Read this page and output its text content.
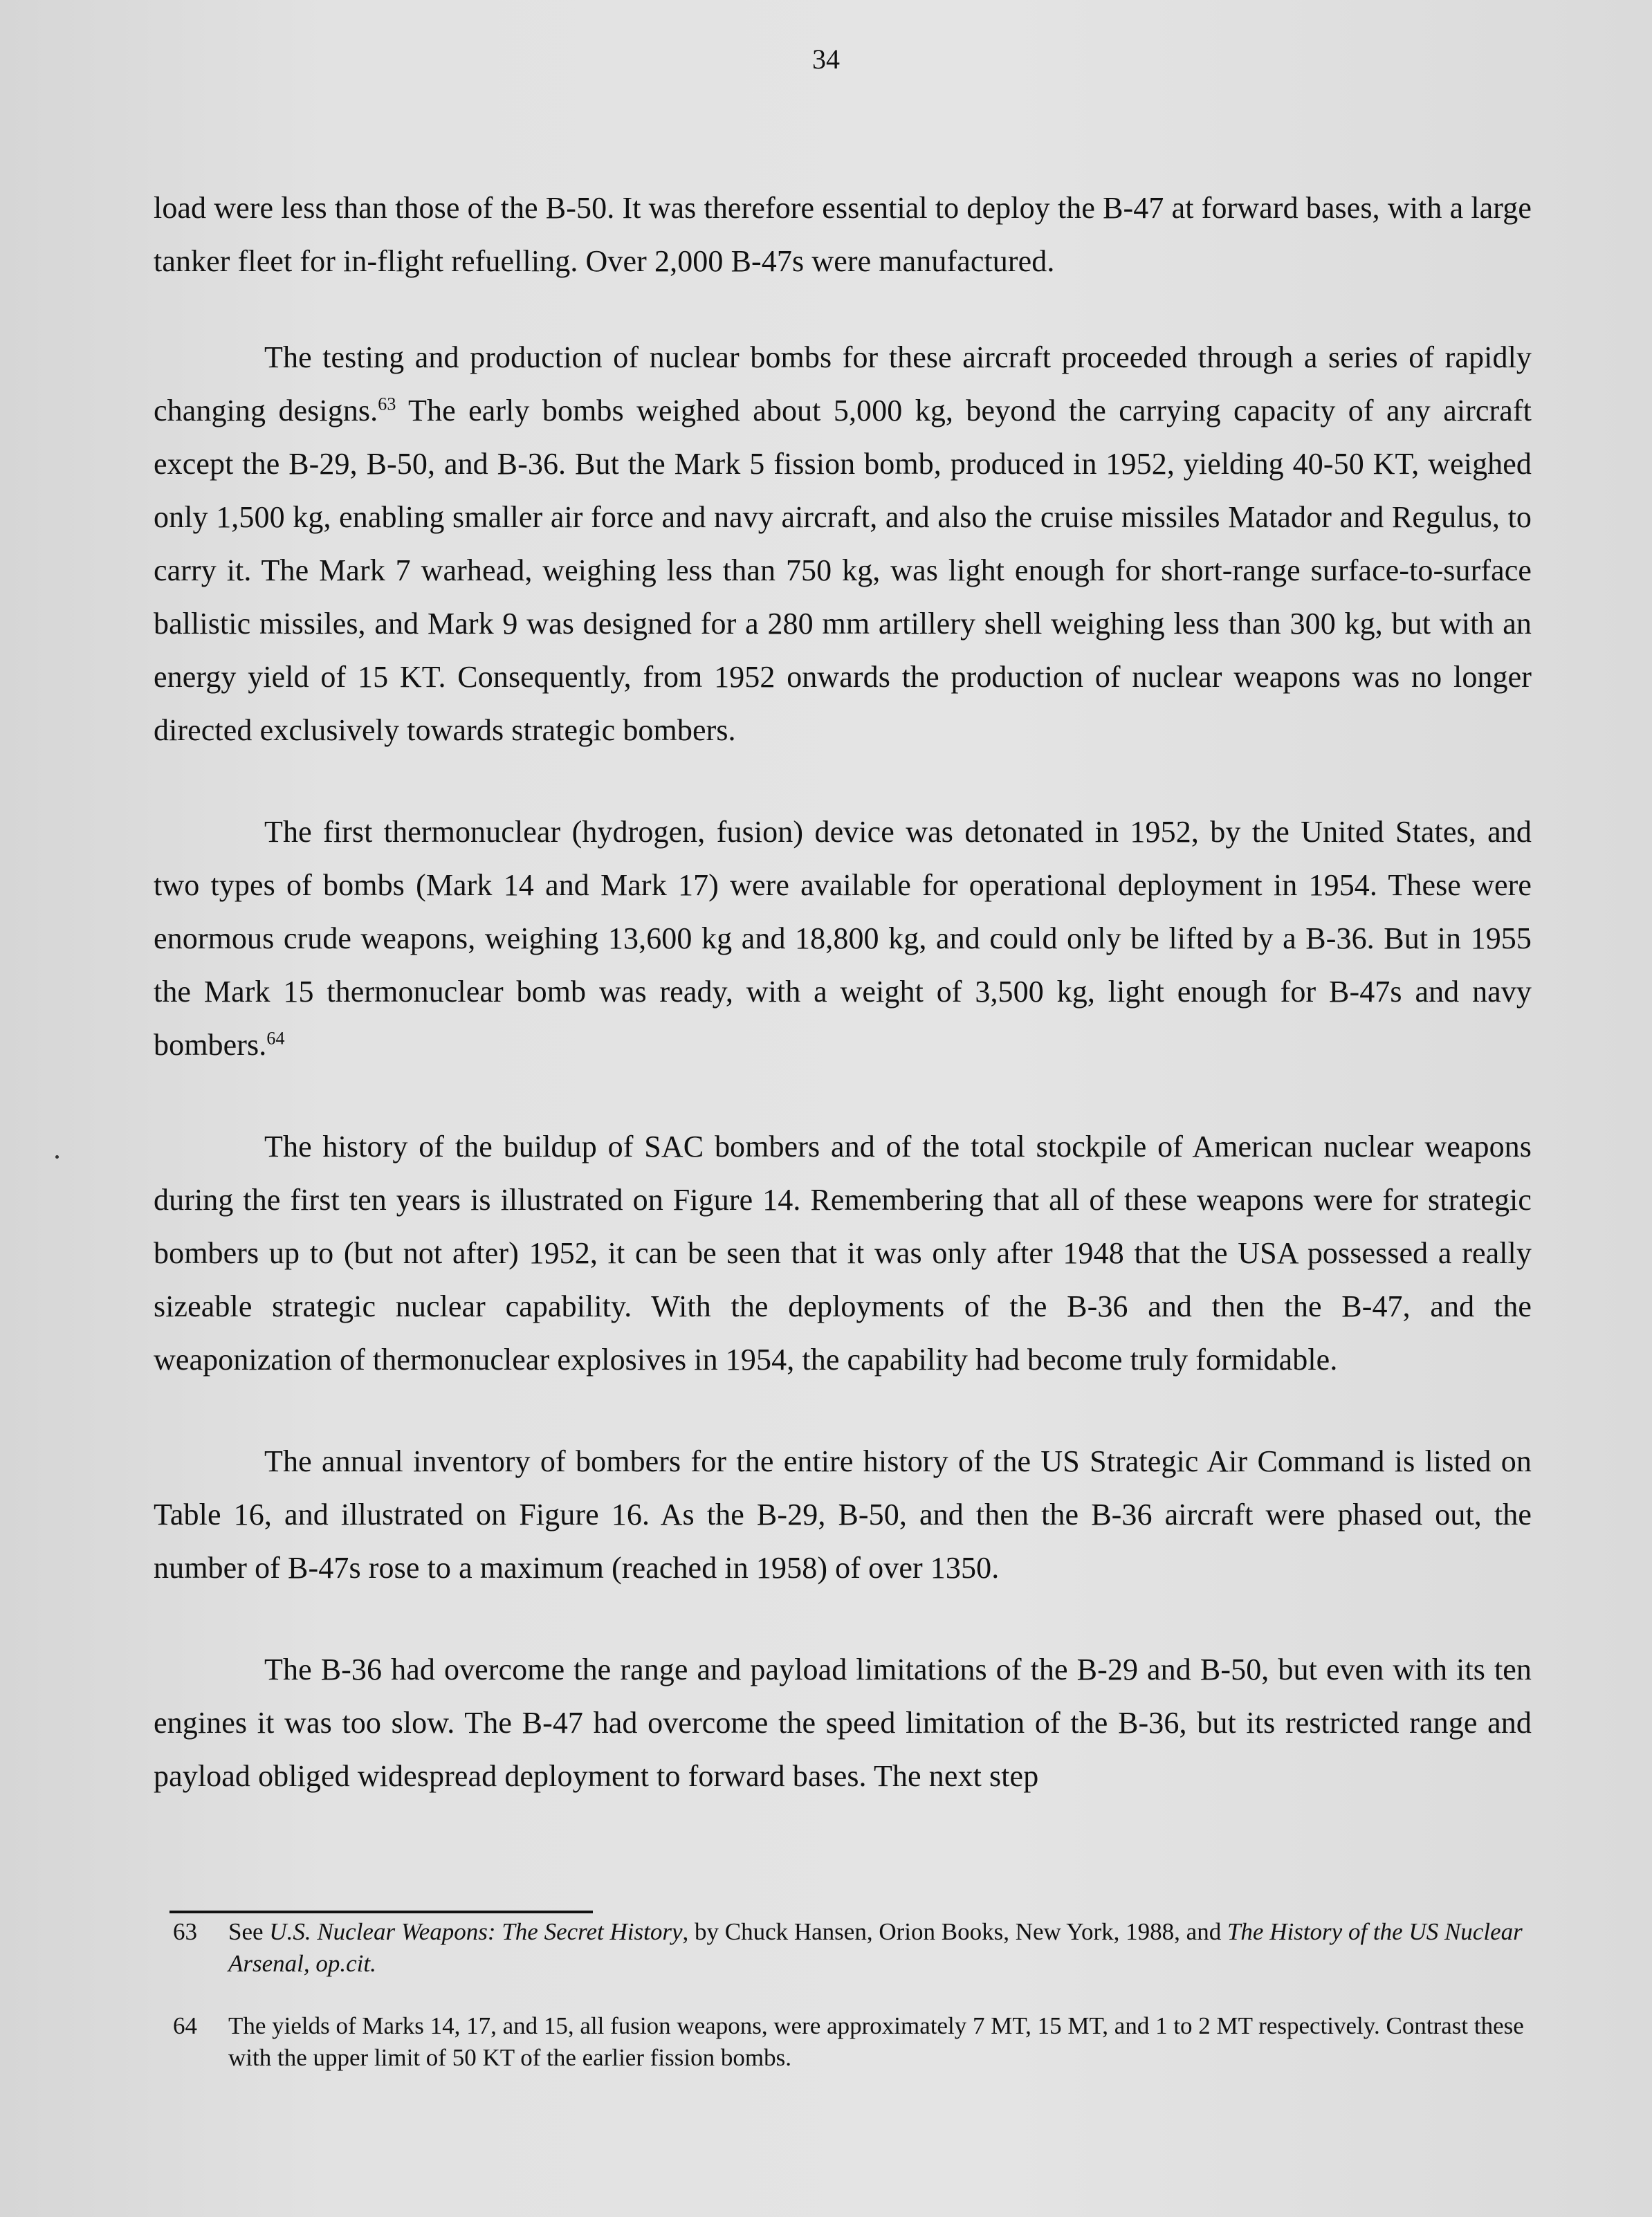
34

load were less than those of the B-50. It was therefore essential to deploy the B-47 at forward bases, with a large tanker fleet for in-flight refuelling. Over 2,000 B-47s were manufactured.

The testing and production of nuclear bombs for these aircraft proceeded through a series of rapidly changing designs.$^{63}$ The early bombs weighed about 5,000 kg, beyond the carrying capacity of any aircraft except the B-29, B-50, and B-36. But the Mark 5 fission bomb, produced in 1952, yielding 40-50 KT, weighed only 1,500 kg, enabling smaller air force and navy aircraft, and also the cruise missiles Matador and Regulus, to carry it. The Mark 7 warhead, weighing less than 750 kg, was light enough for short-range surface-to-surface ballistic missiles, and Mark 9 was designed for a 280 mm artillery shell weighing less than 300 kg, but with an energy yield of 15 KT. Consequently, from 1952 onwards the production of nuclear weapons was no longer directed exclusively towards strategic bombers.

The first thermonuclear (hydrogen, fusion) device was detonated in 1952, by the United States, and two types of bombs (Mark 14 and Mark 17) were available for operational deployment in 1954. These were enormous crude weapons, weighing 13,600 kg and 18,800 kg, and could only be lifted by a B-36. But in 1955 the Mark 15 thermonuclear bomb was ready, with a weight of 3,500 kg, light enough for B-47s and navy bombers.$^{64}$

The history of the buildup of SAC bombers and of the total stockpile of American nuclear weapons during the first ten years is illustrated on Figure 14. Remembering that all of these weapons were for strategic bombers up to (but not after) 1952, it can be seen that it was only after 1948 that the USA possessed a really sizeable strategic nuclear capability. With the deployments of the B-36 and then the B-47, and the weaponization of thermonuclear explosives in 1954, the capability had become truly formidable.

The annual inventory of bombers for the entire history of the US Strategic Air Command is listed on Table 16, and illustrated on Figure 16. As the B-29, B-50, and then the B-36 aircraft were phased out, the number of B-47s rose to a maximum (reached in 1958) of over 1350.

The B-36 had overcome the range and payload limitations of the B-29 and B-50, but even with its ten engines it was too slow. The B-47 had overcome the speed limitation of the B-36, but its restricted range and payload obliged widespread deployment to forward bases. The next step

63	See U.S. Nuclear Weapons: The Secret History, by Chuck Hansen, Orion Books, New York, 1988, and The History of the US Nuclear Arsenal, op.cit.
64	The yields of Marks 14, 17, and 15, all fusion weapons, were approximately 7 MT, 15 MT, and 1 to 2 MT respectively. Contrast these with the upper limit of 50 KT of the earlier fission bombs.
